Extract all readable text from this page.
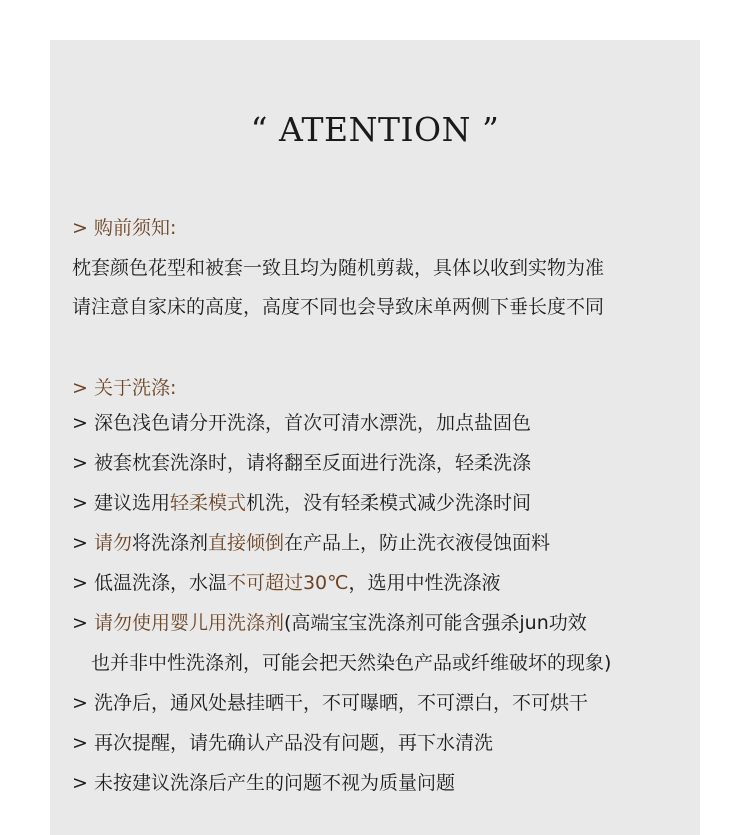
“ ATENTION ”
> 购前须知:
枕套颜色花型和被套一致且均为随机剪裁，具体以收到实物为准
请注意自家床的高度，高度不同也会导致床单两侧下垂长度不同
> 关于洗涤:
> 深色浅色请分开洗涤，首次可清水漂洗，加点盐固色
> 被套枕套洗涤时，请将翻至反面进行洗涤，轻柔洗涤
> 建议选用轻柔模式机洗，没有轻柔模式减少洗涤时间
> 请勿将洗涤剂直接倾倒在产品上，防止洗衣液侵蚀面料
> 低温洗涤，水温不可超过30℃，选用中性洗涤液
> 请勿使用婴儿用洗涤剂(高端宝宝洗涤剂可能含强杀jun功效
也并非中性洗涤剂，可能会把天然染色产品或纤维破坏的现象)
> 洗净后，通风处悬挂晒干，不可曝晒，不可漂白，不可烘干
> 再次提醒，请先确认产品没有问题，再下水清洗
> 未按建议洗涤后产生的问题不视为质量问题
